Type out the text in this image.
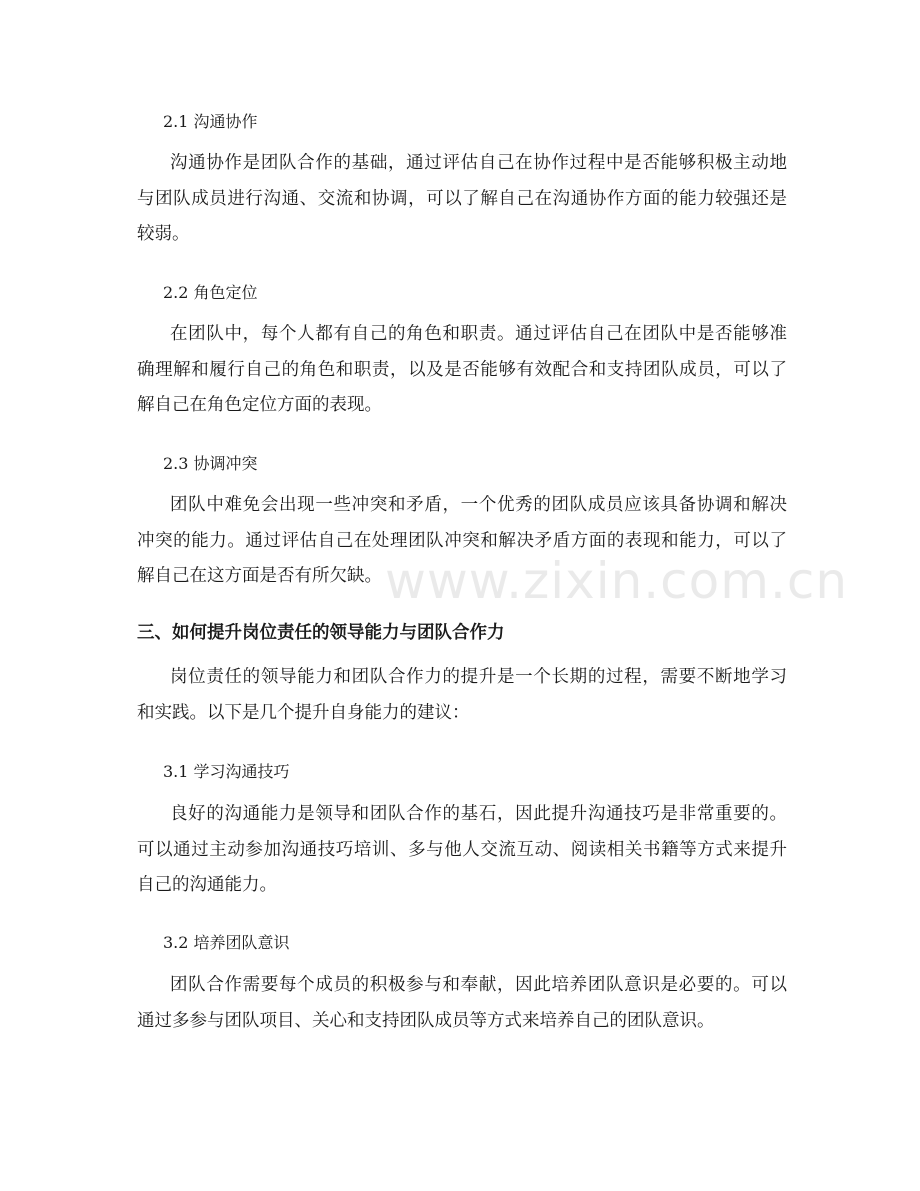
2.1 沟通协作
沟通协作是团队合作的基础，通过评估自己在协作过程中是否能够积极主动地
与团队成员进行沟通、交流和协调，可以了解自己在沟通协作方面的能力较强还是
较弱。
2.2 角色定位
在团队中，每个人都有自己的角色和职责。通过评估自己在团队中是否能够准
确理解和履行自己的角色和职责，以及是否能够有效配合和支持团队成员，可以了
解自己在角色定位方面的表现。
2.3 协调冲突
团队中难免会出现一些冲突和矛盾，一个优秀的团队成员应该具备协调和解决
冲突的能力。通过评估自己在处理团队冲突和解决矛盾方面的表现和能力，可以了
解自己在这方面是否有所欠缺。
三、如何提升岗位责任的领导能力与团队合作力
岗位责任的领导能力和团队合作力的提升是一个长期的过程，需要不断地学习
和实践。以下是几个提升自身能力的建议：
3.1 学习沟通技巧
良好的沟通能力是领导和团队合作的基石，因此提升沟通技巧是非常重要的。
可以通过主动参加沟通技巧培训、多与他人交流互动、阅读相关书籍等方式来提升
自己的沟通能力。
3.2 培养团队意识
团队合作需要每个成员的积极参与和奉献，因此培养团队意识是必要的。可以
通过多参与团队项目、关心和支持团队成员等方式来培养自己的团队意识。
www.zixin.com.cn
